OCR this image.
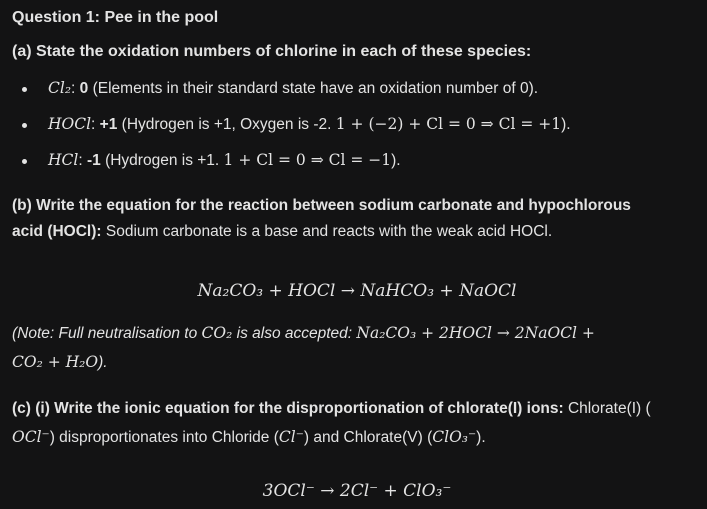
Question 1: Pee in the pool
(a) State the oxidation numbers of chlorine in each of these species:
Cl₂: 0 (Elements in their standard state have an oxidation number of 0).
HOCl: +1 (Hydrogen is +1, Oxygen is -2. 1 + (−2) + Cl = 0 ⇒ Cl = +1).
HCl: -1 (Hydrogen is +1. 1 + Cl = 0 ⇒ Cl = −1).
(b) Write the equation for the reaction between sodium carbonate and hypochlorous
acid (HOCl): Sodium carbonate is a base and reacts with the weak acid HOCl.
Na₂CO₃ + HOCl → NaHCO₃ + NaOCl
(Note: Full neutralisation to CO₂ is also accepted: Na₂CO₃ + 2HOCl → 2NaOCl +
CO₂ + H₂O).
(c) (i) Write the ionic equation for the disproportionation of chlorate(I) ions: Chlorate(I) (
OCl⁻) disproportionates into Chloride (Cl⁻) and Chlorate(V) (ClO₃⁻).
3OCl⁻ → 2Cl⁻ + ClO₃⁻
